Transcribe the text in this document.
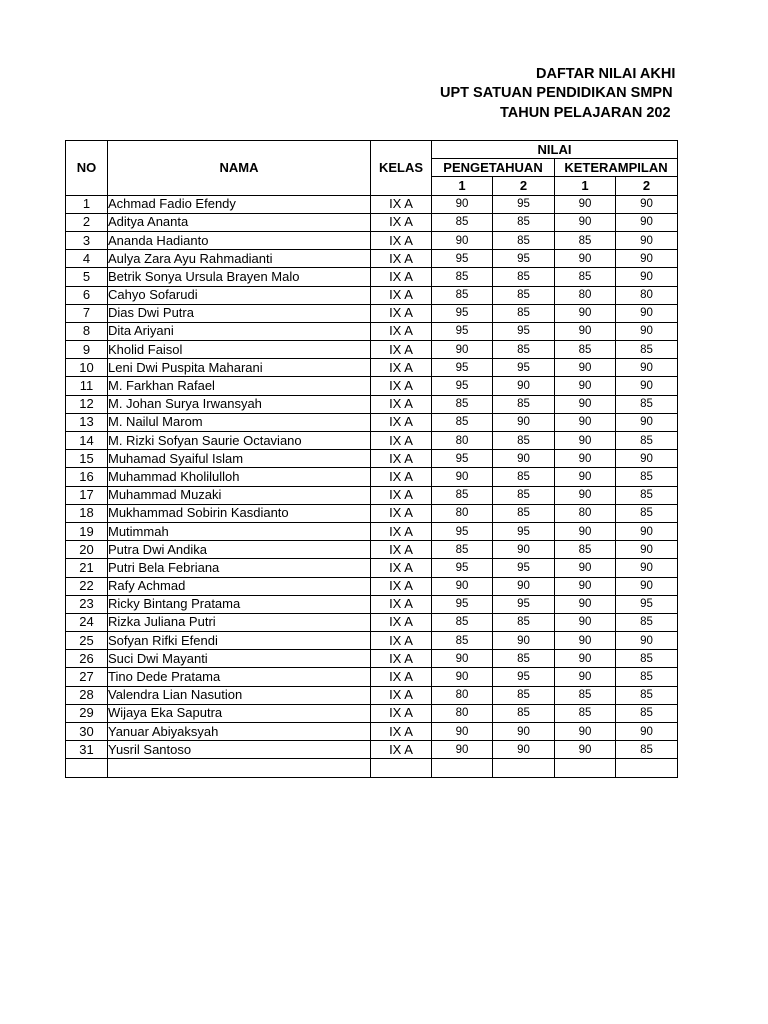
DAFTAR NILAI AKHI
UPT SATUAN PENDIDIKAN SMPN
TAHUN PELAJARAN 202
NO	NAMA	KELAS	NILAI			
			PENGETAHUAN		KETERAMPILAN	
			1	2	1	2
1	Achmad Fadio Efendy	IX A	90	95	90	90
2	Aditya Ananta	IX A	85	85	90	90
3	Ananda Hadianto	IX A	90	85	85	90
4	Aulya Zara Ayu Rahmadianti	IX A	95	95	90	90
5	Betrik Sonya Ursula Brayen Malo	IX A	85	85	85	90
6	Cahyo Sofarudi	IX A	85	85	80	80
7	Dias Dwi Putra	IX A	95	85	90	90
8	Dita Ariyani	IX A	95	95	90	90
9	Kholid Faisol	IX A	90	85	85	85
10	Leni Dwi Puspita Maharani	IX A	95	95	90	90
11	M. Farkhan Rafael	IX A	95	90	90	90
12	M. Johan Surya Irwansyah	IX A	85	85	90	85
13	M. Nailul Marom	IX A	85	90	90	90
14	M. Rizki Sofyan Saurie Octaviano	IX A	80	85	90	85
15	Muhamad Syaiful Islam	IX A	95	90	90	90
16	Muhammad Kholilulloh	IX A	90	85	90	85
17	Muhammad Muzaki	IX A	85	85	90	85
18	Mukhammad Sobirin Kasdianto	IX A	80	85	80	85
19	Mutimmah	IX A	95	95	90	90
20	Putra Dwi Andika	IX A	85	90	85	90
21	Putri Bela Febriana	IX A	95	95	90	90
22	Rafy Achmad	IX A	90	90	90	90
23	Ricky Bintang Pratama	IX A	95	95	90	95
24	Rizka Juliana Putri	IX A	85	85	90	85
25	Sofyan Rifki Efendi	IX A	85	90	90	90
26	Suci Dwi Mayanti	IX A	90	85	90	85
27	Tino Dede Pratama	IX A	90	95	90	85
28	Valendra Lian Nasution	IX A	80	85	85	85
29	Wijaya Eka Saputra	IX A	80	85	85	85
30	Yanuar Abiyaksyah	IX A	90	90	90	90
31	Yusril Santoso	IX A	90	90	90	85
